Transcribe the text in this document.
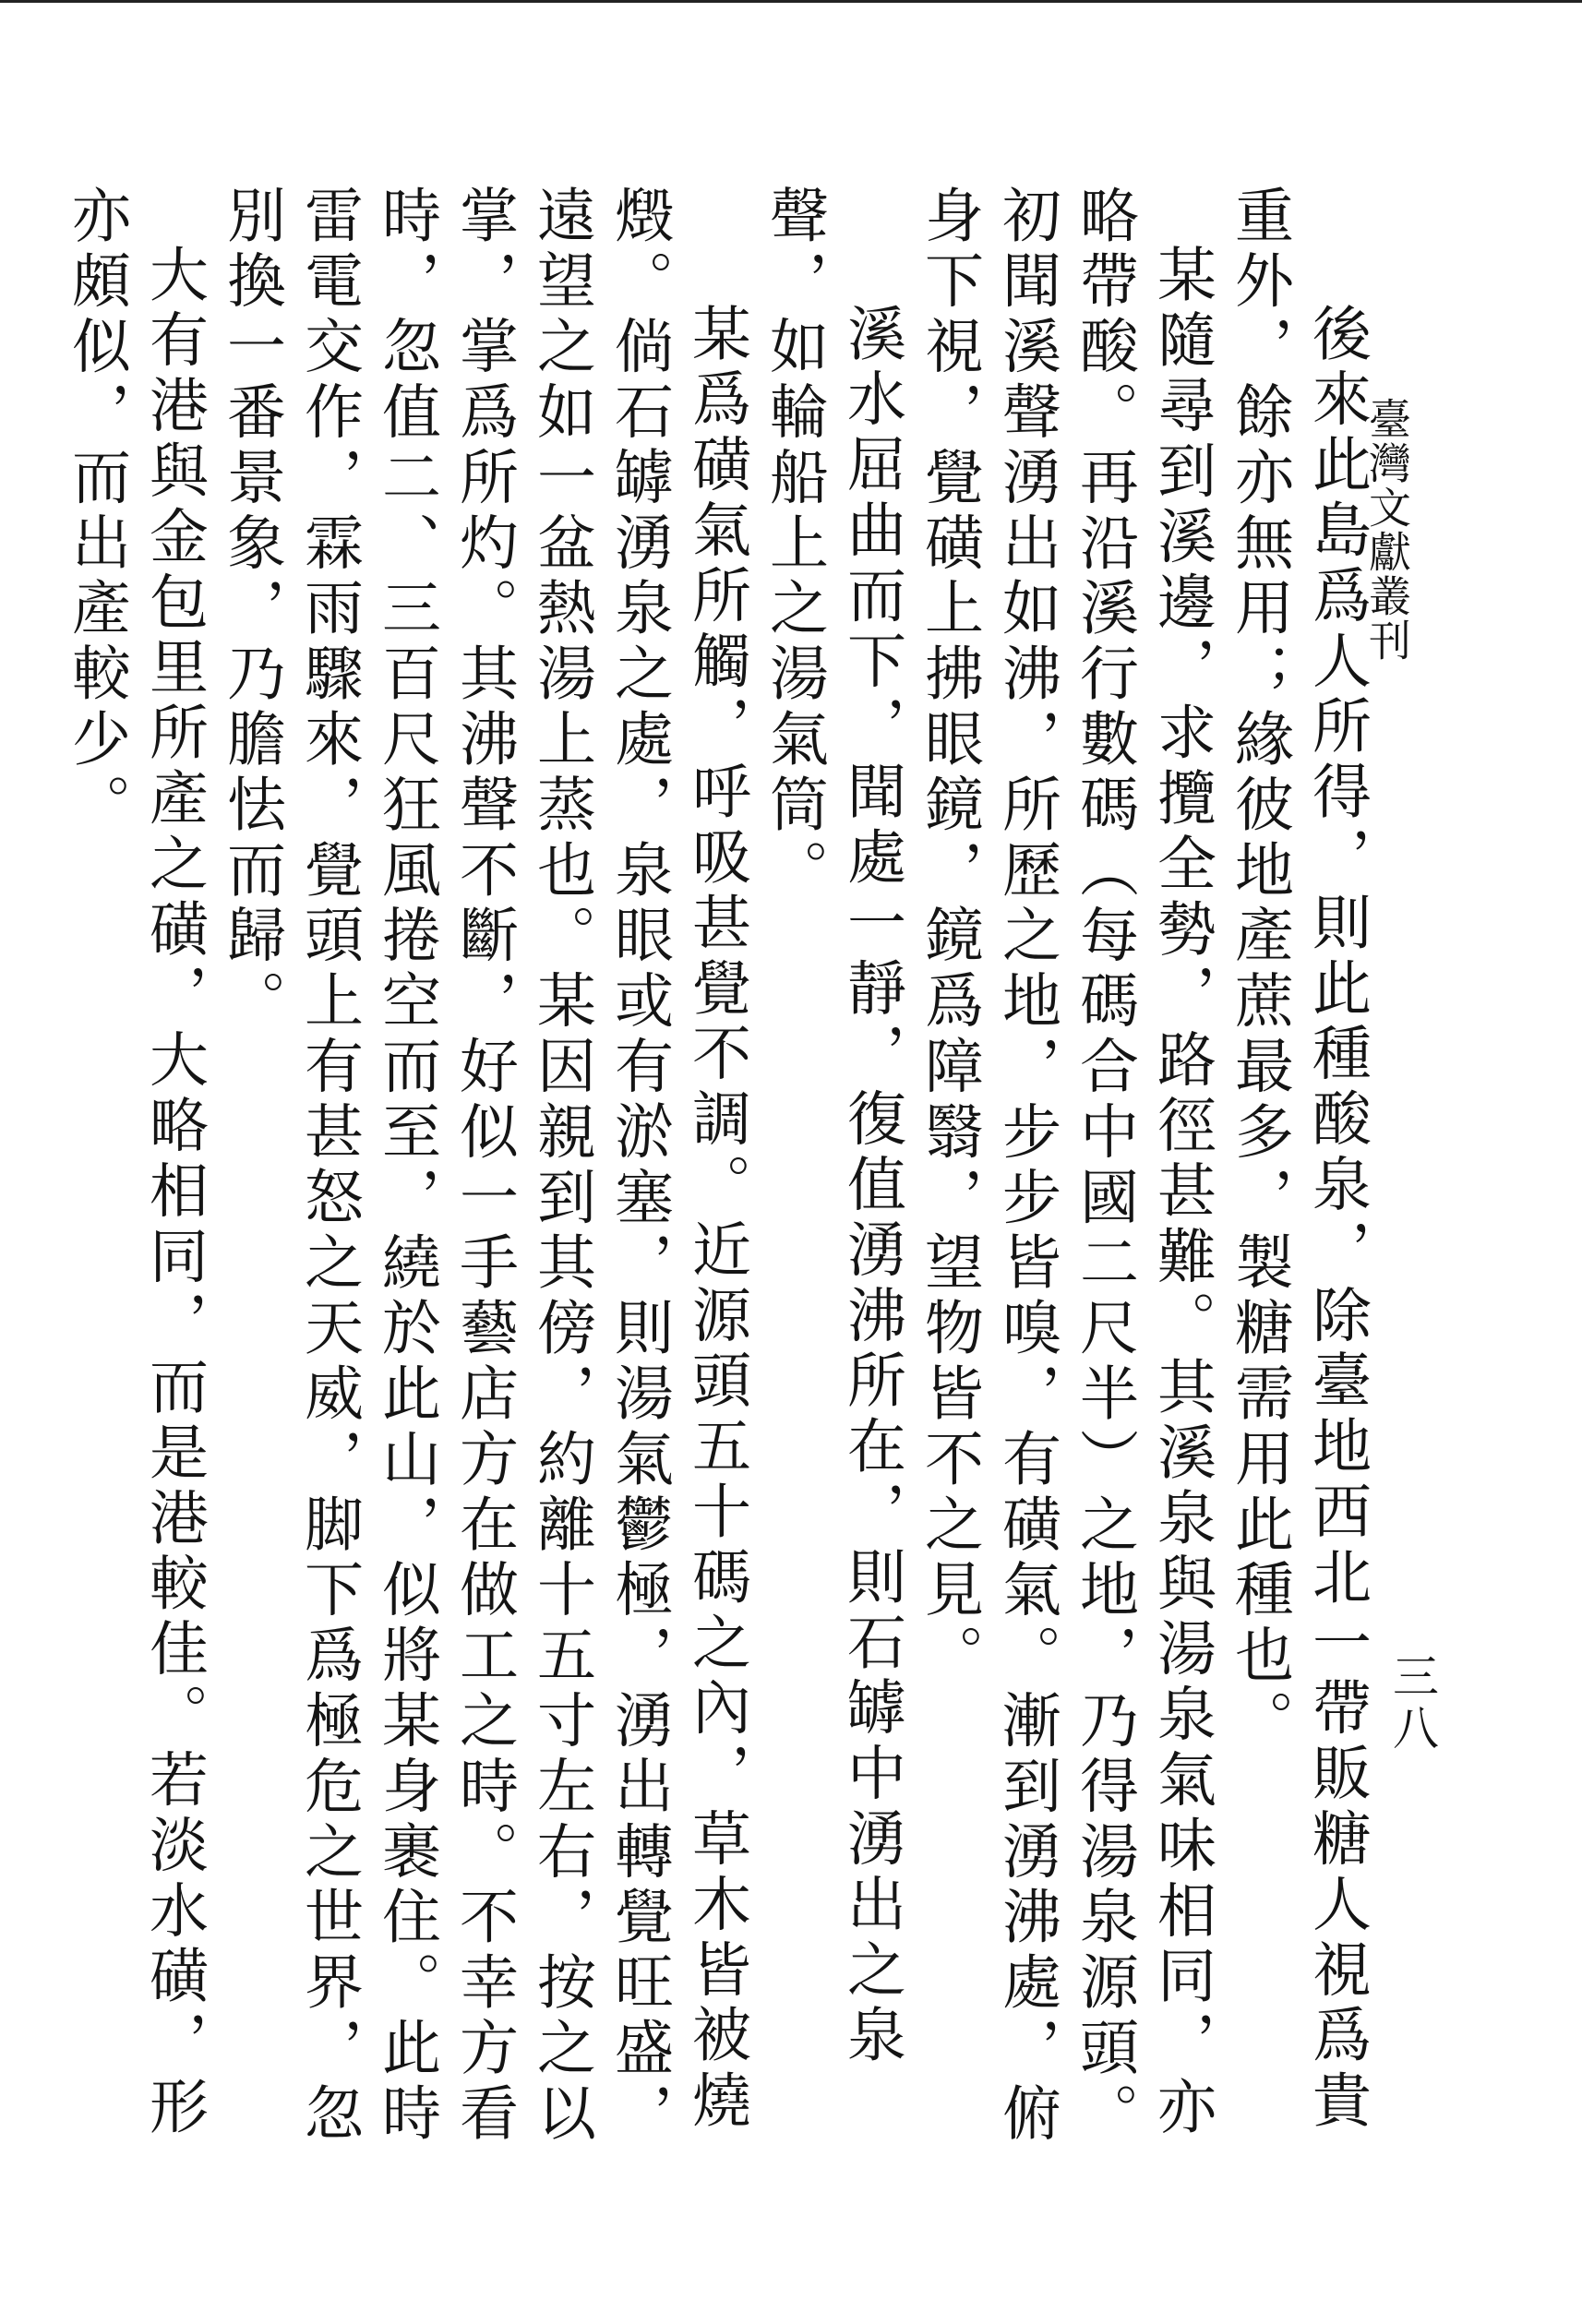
臺灣文獻叢刊
三八

後來此島爲人所得，則此種酸泉，除臺地西北一帶販糖人視爲貴重外，餘亦無用；緣彼地產蔗最多，製糖需用此種也。

某隨尋到溪邊，求攬全勢，路徑甚難。其溪泉與湯泉氣味相同，亦略帶酸。再沿溪行數碼（每碼合中國二尺半）之地，乃得湯泉源頭。初聞溪聲湧出如沸，所歷之地，步步皆嗅，有磺氣。漸到湧沸處，俯身下視，覺磺上拂眼鏡，鏡爲障翳，望物皆不之見。

溪水屈曲而下，聞處一靜，復值湧沸所在，則石罅中湧出之泉聲，如輪船上之湯氣筒。

某爲磺氣所觸，呼吸甚覺不調。近源頭五十碼之內，草木皆被燒燬。倘石罅湧泉之處，泉眼或有淤塞，則湯氣鬱極，湧出轉覺旺盛，遠望之如一盆熱湯上蒸也。某因親到其傍，約離十五寸左右，按之以掌，掌爲所灼。其沸聲不斷，好似一手藝店方在做工之時。不幸方看時，忽值二、三百尺狂風捲空而至，繞於此山，似將某身裹住。此時雷電交作，霖雨驟來，覺頭上有甚怒之天威，脚下爲極危之世界，忽別換一番景象，乃膽怯而歸。

大有港與金包里所產之磺，大略相同，而是港較佳。若淡水磺，形亦頗似，而出產較少。
